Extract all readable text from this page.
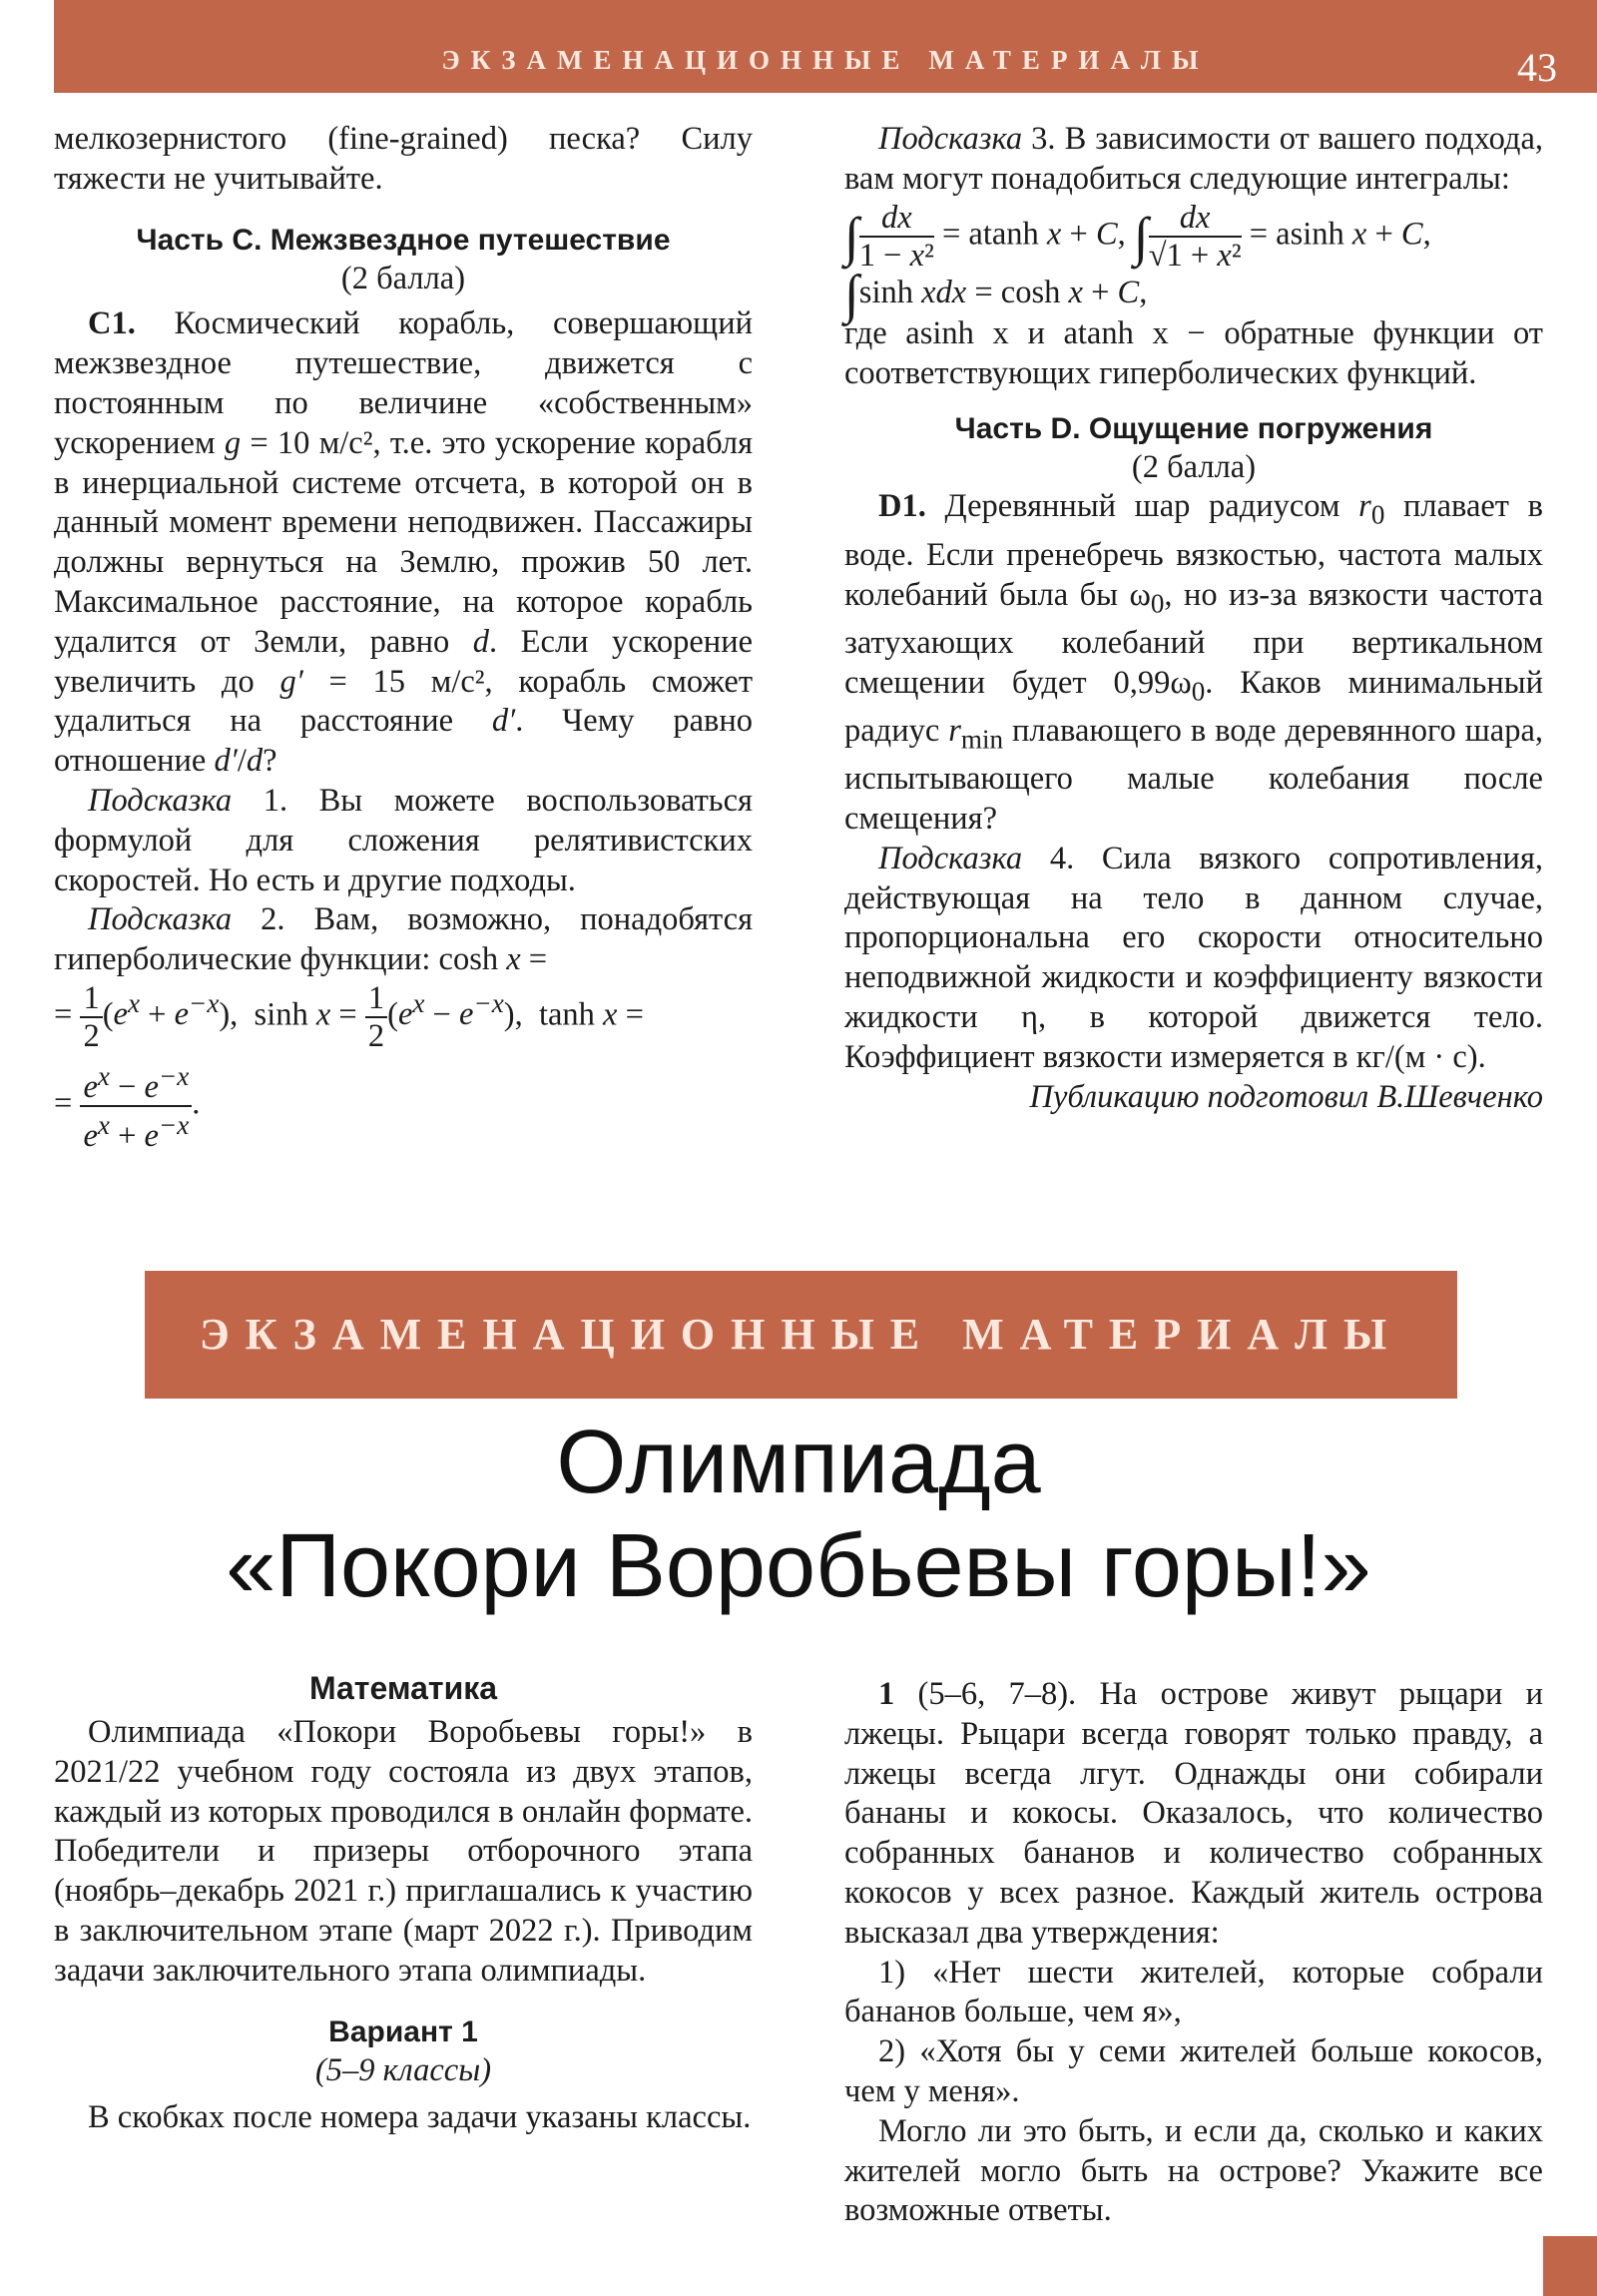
ЭКЗАМЕНАЦИОННЫЕ МАТЕРИАЛЫ	43

мелкозернистого (fine-grained) песка? Силу тяжести не учитывайте.

Часть C. Межзвездное путешествие
(2 балла)

C1. Космический корабль, совершающий межзвездное путешествие, движется с постоянным по величине «собственным» ускорением g = 10 м/с², т.е. это ускорение корабля в инерциальной системе отсчета, в которой он в данный момент времени неподвижен. Пассажиры должны вернуться на Землю, прожив 50 лет. Максимальное расстояние, на которое корабль удалится от Земли, равно d. Если ускорение увеличить до g′ = 15 м/с², корабль сможет удалиться на расстояние d′. Чему равно отношение d′/d?

Подсказка 1. Вы можете воспользоваться формулой для сложения релятивистских скоростей. Но есть и другие подходы.

Подсказка 2. Вам, возможно, понадобятся гиперболические функции: cosh x =

= $\frac{1}{2} (e^x + e^{-x})$,  $\sinh x = \frac{1}{2} (e^x - e^{-x})$,  tanh x =

= $\frac{e^x - e^{-x}}{e^x + e^{-x}}$ .

Подсказка 3. В зависимости от вашего подхода, вам могут понадобиться следующие интегралы:

∫ $\frac{dx}{\text{1 − x²}} = atanh$ x + C, ∫ $\frac{dx}{\text{√1 + x²}} = asinh$ x + C,

∫sinh xdx = cosh x + C,

где asinh x и atanh x − обратные функции от соответствующих гиперболических функций.

Часть D. Ощущение погружения
(2 балла)

D1. Деревянный шар радиусом $r_0$ плавает в воде. Если пренебречь вязкостью, частота малых колебаний была бы $\omega_0$, но из-за вязкости частота затухающих колебаний при вертикальном смещении будет $0,99\omega_0$. Каков минимальный радиус $r_{min}$ плавающего в воде деревянного шара, испытывающего малые колебания после смещения?

Подсказка 4. Сила вязкого сопротивления, действующая на тело в данном случае, пропорциональна его скорости относительно неподвижной жидкости и коэффициенту вязкости жидкости η, в которой движется тело. Коэффициент вязкости измеряется в кг/(м · с).

Публикацию подготовил В.Шевченко

ЭКЗАМЕНАЦИОННЫЕ МАТЕРИАЛЫ
Олимпиада
«Покори Воробьевы горы!»
Математика

Олимпиада «Покори Воробьевы горы!» в 2021/22 учебном году состояла из двух этапов, каждый из которых проводился в онлайн формате. Победители и призеры отборочного этапа (ноябрь–декабрь 2021 г.) приглашались к участию в заключительном этапе (март 2022 г.). Приводим задачи заключительного этапа олимпиады.

Вариант 1
(5–9 классы)

В скобках после номера задачи указаны классы.

1 (5–6, 7–8). На острове живут рыцари и лжецы. Рыцари всегда говорят только правду, а лжецы всегда лгут. Однажды они собирали бананы и кокосы. Оказалось, что количество собранных бананов и количество собранных кокосов у всех разное. Каждый житель острова высказал два утверждения:

1) «Нет шести жителей, которые собрали бананов больше, чем я»,

2) «Хотя бы у семи жителей больше кокосов, чем у меня».

Могло ли это быть, и если да, сколько и каких жителей могло быть на острове? Укажите все возможные ответы.
